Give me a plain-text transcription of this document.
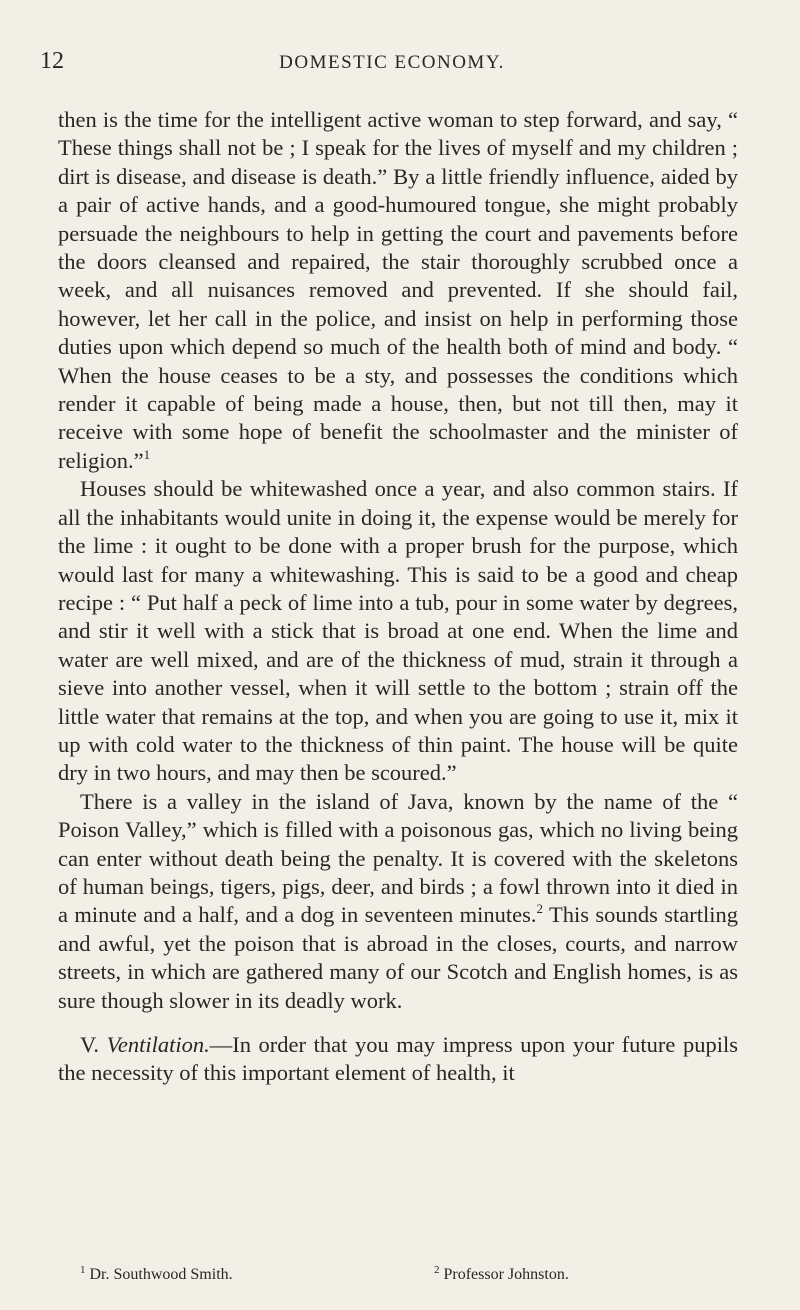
12	DOMESTIC ECONOMY.

then is the time for the intelligent active woman to step forward, and say, “ These things shall not be ; I speak for the lives of myself and my children ; dirt is disease, and disease is death.” By a little friendly influence, aided by a pair of active hands, and a good-humoured tongue, she might probably persuade the neighbours to help in getting the court and pavements before the doors cleansed and repaired, the stair thoroughly scrubbed once a week, and all nuisances removed and prevented. If she should fail, however, let her call in the police, and insist on help in performing those duties upon which depend so much of the health both of mind and body. “ When the house ceases to be a sty, and possesses the conditions which render it capable of being made a house, then, but not till then, may it receive with some hope of benefit the schoolmaster and the minister of religion.”$^1$

Houses should be whitewashed once a year, and also common stairs. If all the inhabitants would unite in doing it, the expense would be merely for the lime : it ought to be done with a proper brush for the purpose, which would last for many a whitewashing. This is said to be a good and cheap recipe : “ Put half a peck of lime into a tub, pour in some water by degrees, and stir it well with a stick that is broad at one end. When the lime and water are well mixed, and are of the thickness of mud, strain it through a sieve into another vessel, when it will settle to the bottom ; strain off the little water that remains at the top, and when you are going to use it, mix it up with cold water to the thickness of thin paint. The house will be quite dry in two hours, and may then be scoured.”

There is a valley in the island of Java, known by the name of the “ Poison Valley,” which is filled with a poisonous gas, which no living being can enter without death being the penalty. It is covered with the skeletons of human beings, tigers, pigs, deer, and birds ; a fowl thrown into it died in a minute and a half, and a dog in seventeen minutes.$^2$ This sounds startling and awful, yet the poison that is abroad in the closes, courts, and narrow streets, in which are gathered many of our Scotch and English homes, is as sure though slower in its deadly work.

V. Ventilation.—In order that you may impress upon your future pupils the necessity of this important element of health, it

$^1$ Dr. Southwood Smith.	$^2$ Professor Johnston.
